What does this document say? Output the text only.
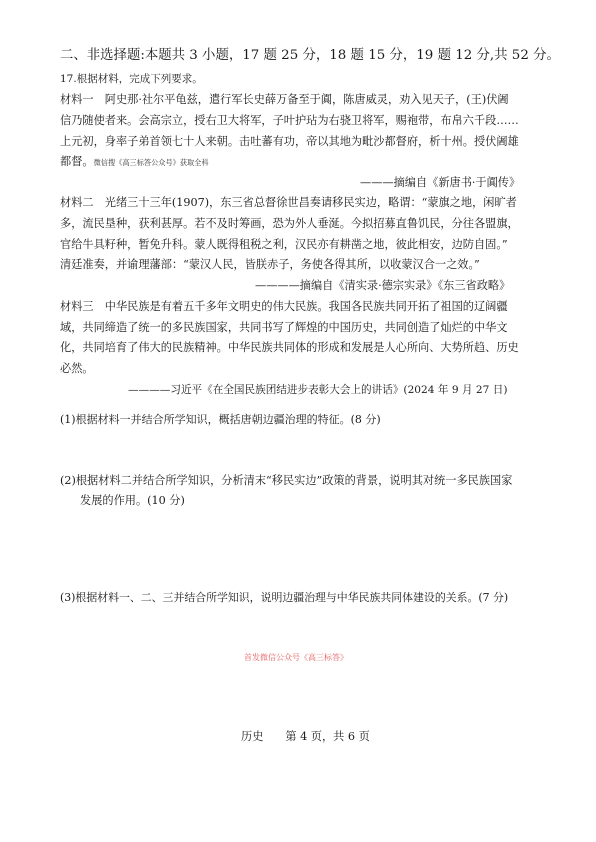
二、非选择题:本题共 3 小题，17 题 25 分，18 题 15 分，19 题 12 分,共 52 分。
17.根据材料，完成下列要求。
材料一　阿史那·社尔平龟兹，遣行军长史薛万备至于阗，陈唐威灵，劝入见天子，(王)伏阇
信乃随使者来。会高宗立，授右卫大将军，子叶护玷为右骁卫将军，赐袍带，布帛六千段……
上元初，身率子弟首领七十人来朝。击吐蕃有功，帝以其地为毗沙都督府，析十州。授伏阇雄
都督。微信搜《高三标答公众号》获取全科
———摘编自《新唐书·于阗传》
材料二　光绪三十三年(1907)，东三省总督徐世昌奏请移民实边，略谓：“蒙旗之地，闲旷者
多，流民垦种，获利甚厚。若不及时筹画，恐为外人垂涎。今拟招募直鲁饥民，分往各盟旗，
官给牛具籽种，暂免升科。蒙人既得租税之利，汉民亦有耕凿之地，彼此相安，边防自固。”
清廷准奏，并谕理藩部：“蒙汉人民，皆朕赤子，务使各得其所，以收蒙汉合一之效。”
————摘编自《清实录·德宗实录》《东三省政略》
材料三　中华民族是有着五千多年文明史的伟大民族。我国各民族共同开拓了祖国的辽阔疆
域，共同缔造了统一的多民族国家，共同书写了辉煌的中国历史，共同创造了灿烂的中华文
化，共同培育了伟大的民族精神。中华民族共同体的形成和发展是人心所向、大势所趋、历史
必然。
————习近平《在全国民族团结进步表彰大会上的讲话》(2024 年 9 月 27 日)
(1)根据材料一并结合所学知识，概括唐朝边疆治理的特征。(8 分)
(2)根据材料二并结合所学知识，分析清末“移民实边”政策的背景，说明其对统一多民族国家
发展的作用。(10 分)
(3)根据材料一、二、三并结合所学知识，说明边疆治理与中华民族共同体建设的关系。(7 分)
首发微信公众号《高三标答》
历史 第 4 页，共 6 页
